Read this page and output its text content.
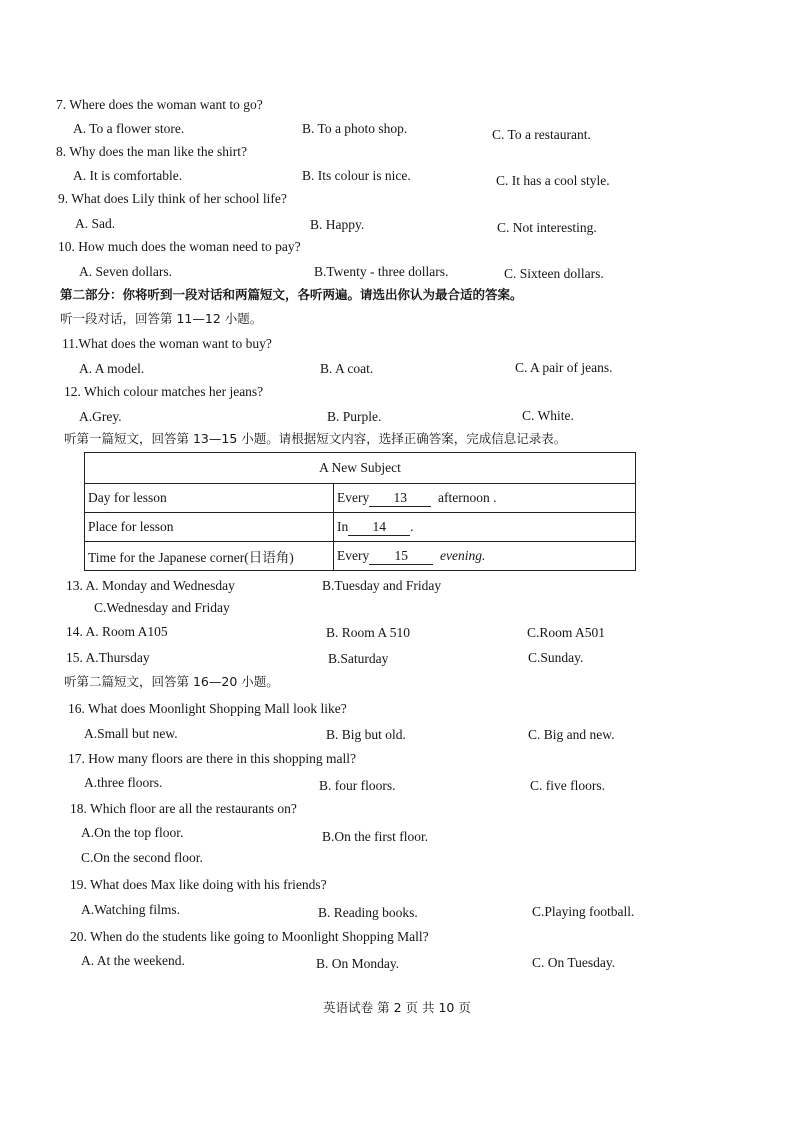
7. Where does the woman want to go?
A. To a flower store.	B. To a photo shop.	C. To a restaurant.
8. Why does the man like the shirt?
A. It is comfortable.	B. Its colour is nice.	C. It has a cool style.
9. What does Lily think of her school life?
A. Sad.	B. Happy.	C. Not interesting.
10. How much does the woman need to pay?
A. Seven dollars.	B.Twenty - three dollars.	C. Sixteen dollars.
第二部分：你将听到一段对话和两篇短文，各听两遍。请选出你认为最合适的答案。
听一段对话，回答第 11—12 小题。
11.What does the woman want to buy?
A. A model.	B. A coat.	C. A pair of jeans.
12. Which colour matches her jeans?
A.Grey.	B. Purple.	C. White.
听第一篇短文，回答第 13—15 小题。请根据短文内容，选择正确答案，完成信息记录表。
A New Subject	
Day for lesson	Every 13 afternoon .
Place for lesson	In 14 .
Time for the Japanese corner(日语角)	Every 15 evening.
13. A. Monday and Wednesday	B.Tuesday and Friday
C.Wednesday and Friday
14. A. Room A105	B. Room A 510	C.Room A501
15. A.Thursday	B.Saturday	C.Sunday.
听第二篇短文，回答第 16—20 小题。
16. What does Moonlight Shopping Mall look like?
A.Small but new.	B. Big but old.	C. Big and new.
17. How many floors are there in this shopping mall?
A.three floors.	B. four floors.	C. five floors.
18. Which floor are all the restaurants on?
A.On the top floor.	B.On the first floor.
C.On the second floor.
19. What does Max like doing with his friends?
A.Watching films.	B. Reading books.	C.Playing football.
20. When do the students like going to Moonlight Shopping Mall?
A. At the weekend.	B. On Monday.	C. On Tuesday.
英语试卷 第 2 页 共 10 页
